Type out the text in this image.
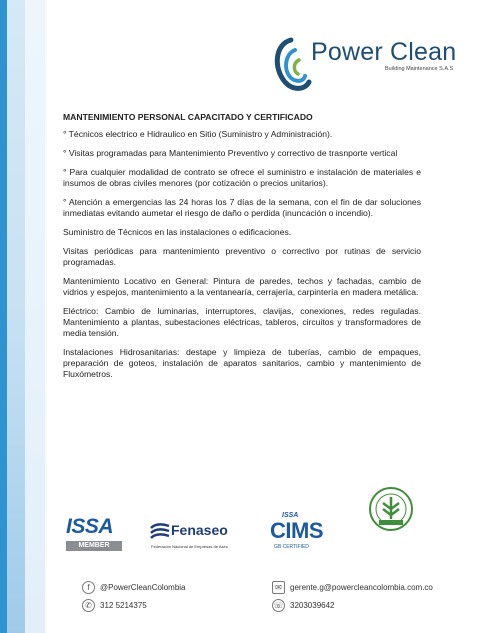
Power Clean
Building Maintenance S.A.S

MANTENIMIENTO PERSONAL CAPACITADO Y CERTIFICADO

° Técnicos electrico e Hidraulico en Sitio (Suministro y Administración).

° Visitas programadas para Mantenimiento Preventivo y correctivo de trasnporte vertical

° Para cualquier modalidad de contrato se ofrece el suministro e instalación de materiales e insumos de obras civiles menores (por cotización o precios unitarios).

° Atención a emergencias las 24 horas los 7 días de la semana, con el fin de dar soluciones inmediatas evitando aumetar el riesgo de daño o perdida (inuncación o incendio).

Suministro de Técnicos en las instalaciones o edificaciones.

Visitas periódicas para mantenimiento preventivo o correctivo por rutinas de servicio programadas.

Mantenimiento Locativo en General: Pintura de paredes, techos y fachadas, cambio de vidrios y espejos, mantenimiento a la ventanearía, cerrajería, carpintería en madera metálica.

Eléctrico: Cambio de luminarias, interruptores, clavijas, conexiones, redes reguladas. Mantenimiento a plantas, subestaciones eléctricas, tableros, circuitos y transformadores de media tensión.

Instalaciones Hidrosanitarias: destape y limpieza de tuberías, cambio de empaques, preparación de goteos, instalación de aparatos sanitarios, cambio y mantenimiento de Fluxómetros.

ISSA
MEMBER
Fenaseo
Federación Nacional de Empresas de Aseo
ISSA
CIMS
GB CERTIFIED
f	@PowerCleanColombia	✉	gerente.g@powercleancolombia.com.co
✆	312 5214375	☏ 3203039642
